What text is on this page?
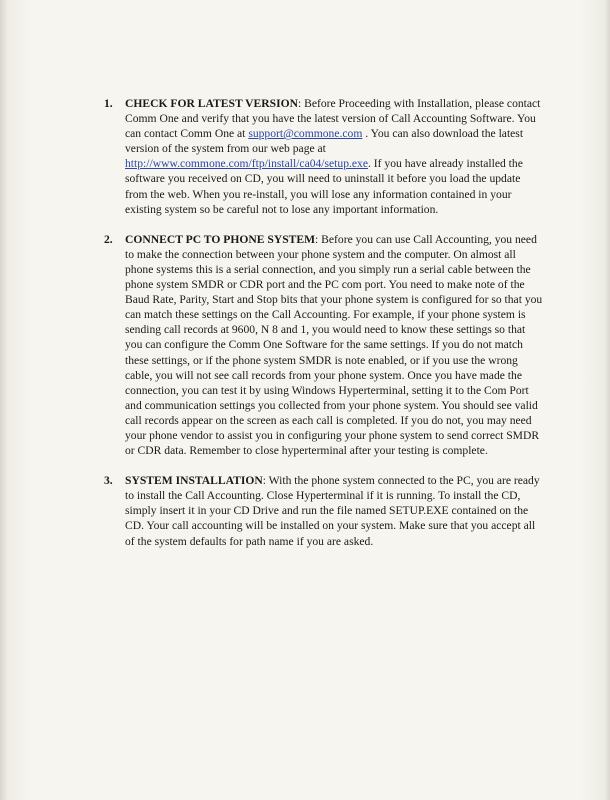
1. CHECK FOR LATEST VERSION: Before Proceeding with Installation, please contact Comm One and verify that you have the latest version of Call Accounting Software. You can contact Comm One at support@commone.com . You can also download the latest version of the system from our web page at http://www.commone.com/ftp/install/ca04/setup.exe. If you have already installed the software you received on CD, you will need to uninstall it before you load the update from the web. When you re-install, you will lose any information contained in your existing system so be careful not to lose any important information.
2. CONNECT PC TO PHONE SYSTEM: Before you can use Call Accounting, you need to make the connection between your phone system and the computer. On almost all phone systems this is a serial connection, and you simply run a serial cable between the phone system SMDR or CDR port and the PC com port. You need to make note of the Baud Rate, Parity, Start and Stop bits that your phone system is configured for so that you can match these settings on the Call Accounting. For example, if your phone system is sending call records at 9600, N 8 and 1, you would need to know these settings so that you can configure the Comm One Software for the same settings. If you do not match these settings, or if the phone system SMDR is note enabled, or if you use the wrong cable, you will not see call records from your phone system. Once you have made the connection, you can test it by using Windows Hyperterminal, setting it to the Com Port and communication settings you collected from your phone system. You should see valid call records appear on the screen as each call is completed. If you do not, you may need your phone vendor to assist you in configuring your phone system to send correct SMDR or CDR data. Remember to close hyperterminal after your testing is complete.
3. SYSTEM INSTALLATION: With the phone system connected to the PC, you are ready to install the Call Accounting. Close Hyperterminal if it is running. To install the CD, simply insert it in your CD Drive and run the file named SETUP.EXE contained on the CD. Your call accounting will be installed on your system. Make sure that you accept all of the system defaults for path name if you are asked.
